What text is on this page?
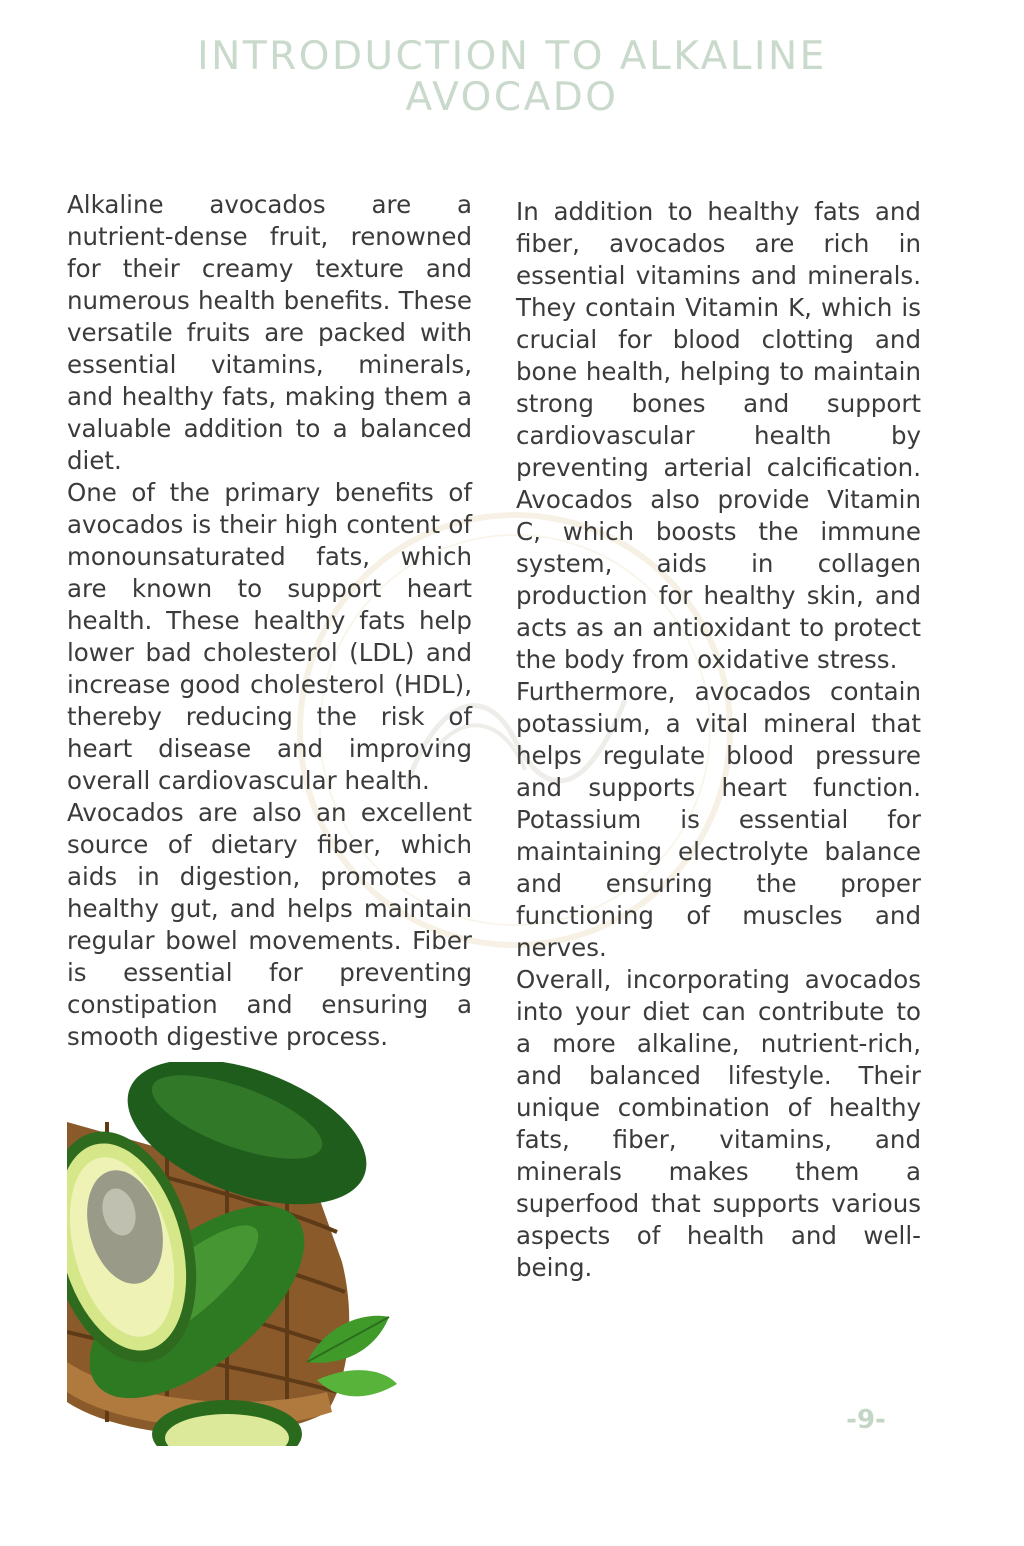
INTRODUCTION TO ALKALINE
AVOCADO

Alkaline avocados are a nutrient-dense fruit, renowned for their creamy texture and numerous health benefits. These versatile fruits are packed with essential vitamins, minerals, and healthy fats, making them a valuable addition to a balanced diet.

One of the primary benefits of avocados is their high content of monounsaturated fats, which are known to support heart health. These healthy fats help lower bad cholesterol (LDL) and increase good cholesterol (HDL), thereby reducing the risk of heart disease and improving overall cardiovascular health.

Avocados are also an excellent source of dietary fiber, which aids in digestion, promotes a healthy gut, and helps maintain regular bowel movements. Fiber is essential for preventing constipation and ensuring a smooth digestive process.

In addition to healthy fats and fiber, avocados are rich in essential vitamins and minerals. They contain Vitamin K, which is crucial for blood clotting and bone health, helping to maintain strong bones and support cardiovascular health by preventing arterial calcification. Avocados also provide Vitamin C, which boosts the immune system, aids in collagen production for healthy skin, and acts as an antioxidant to protect the body from oxidative stress.

Furthermore, avocados contain potassium, a vital mineral that helps regulate blood pressure and supports heart function. Potassium is essential for maintaining electrolyte balance and ensuring the proper functioning of muscles and nerves.

Overall, incorporating avocados into your diet can contribute to a more alkaline, nutrient-rich, and balanced lifestyle. Their unique combination of healthy fats, fiber, vitamins, and minerals makes them a superfood that supports various aspects of health and well-being.

-9-
